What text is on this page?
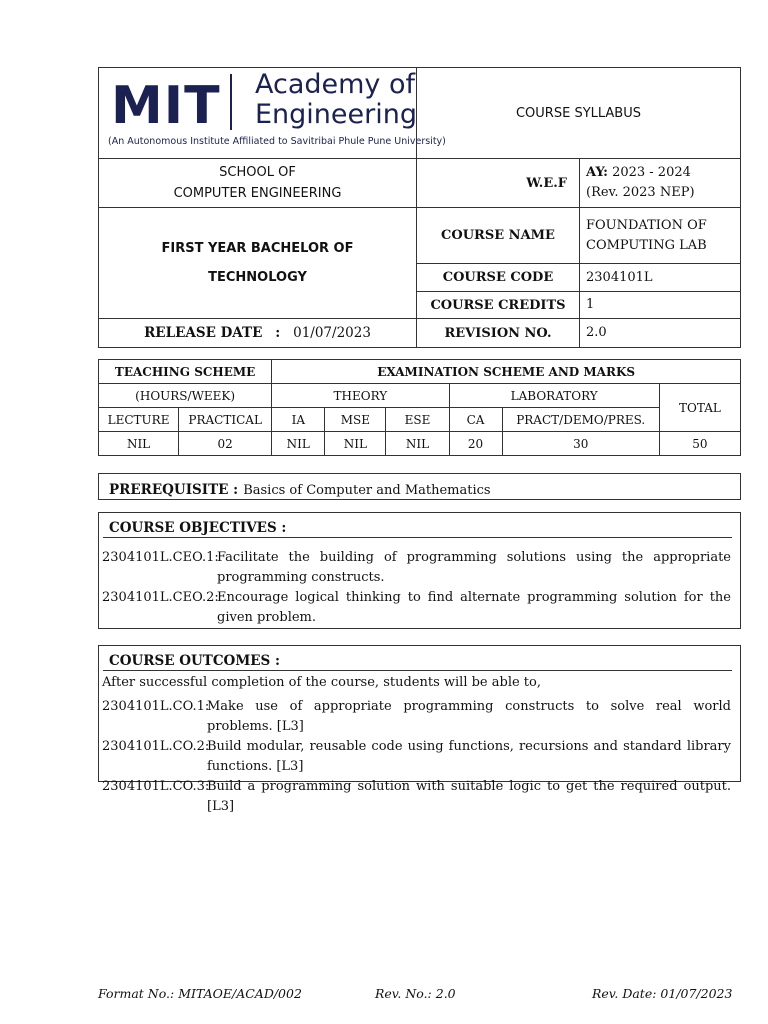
MIT Academy of
Engineering
(An Autonomous Institute Affiliated to Savitribai Phule Pune University)	COURSE SYLLABUS	
SCHOOL OF
COMPUTER ENGINEERING	W.E.F	AY: 2023 - 2024
(Rev. 2023 NEP)
FIRST YEAR BACHELOR OF
TECHNOLOGY	COURSE NAME	FOUNDATION OF
COMPUTING LAB
	COURSE CODE	2304101L
	COURSE CREDITS	1
RELEASE DATE : 01/07/2023	REVISION NO.	2.0
TEACHING SCHEME		EXAMINATION SCHEME AND MARKS					
(HOURS/WEEK)		THEORY			LABORATORY		TOTAL
LECTURE	PRACTICAL	IA	MSE	ESE	CA	PRACT/DEMO/PRES.	
NIL	02	NIL	NIL	NIL	20	30	50
PREREQUISITE : Basics of Computer and Mathematics
COURSE OBJECTIVES :
2304101L.CEO.1:
Facilitate the building of programming solutions using the appropriate programming constructs.
2304101L.CEO.2:
Encourage logical thinking to find alternate programming solution for the given problem.
COURSE OUTCOMES :
After successful completion of the course, students will be able to,
2304101L.CO.1:
Make use of appropriate programming constructs to solve real world problems. [L3]
2304101L.CO.2:
Build modular, reusable code using functions, recursions and standard library functions. [L3]
2304101L.CO.3:
Build a programming solution with suitable logic to get the required output.[L3]
Format No.: MITAOE/ACAD/002	Rev. No.: 2.0	Rev. Date: 01/07/2023
